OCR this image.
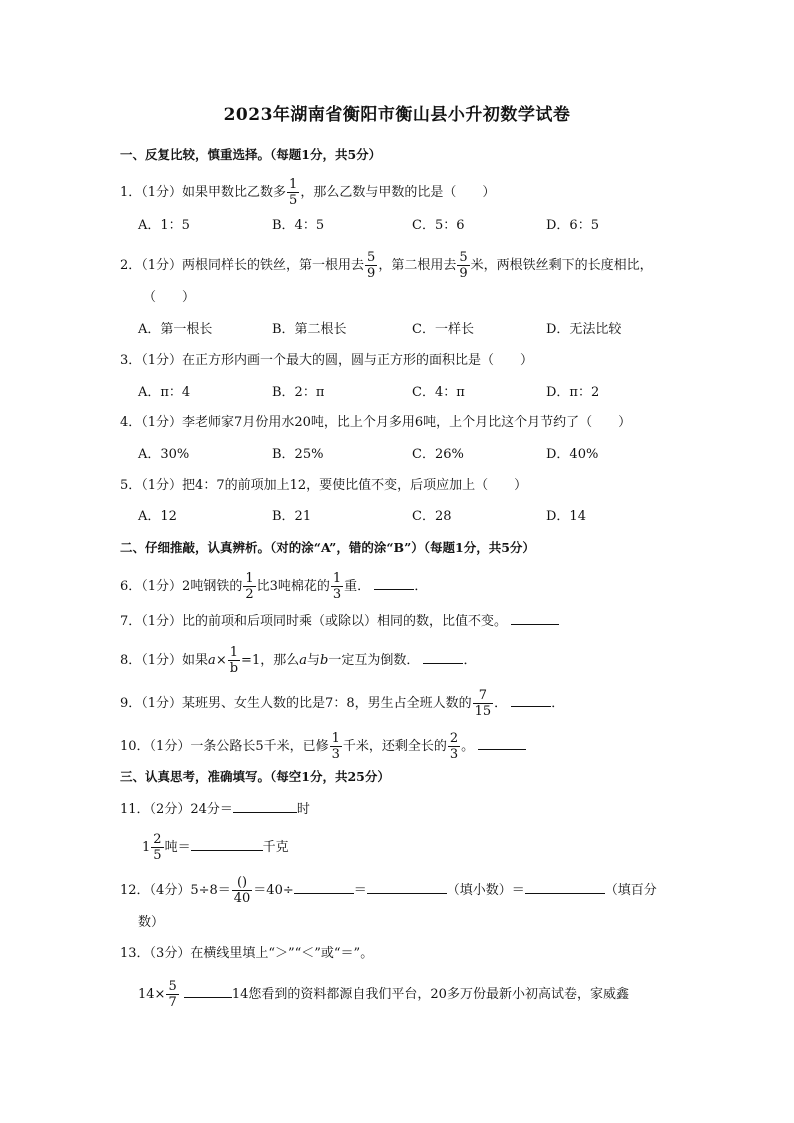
2023年湖南省衡阳市衡山县小升初数学试卷
一、反复比较，慎重选择。（每题1分，共5分）
1．（1分）如果甲数比乙数多 $\frac{1}{5}$ ，那么乙数与甲数的比是（　　）
A．1：5	B．4：5	C．5：6	D．6：5
2．（1分）两根同样长的铁丝，第一根用去 $\frac{5}{9}$ ，第二根用去 $\frac{5}{9}$ 米，两根铁丝剩下的长度相比，
（　　）
A．第一根长	B．第二根长	C．一样长	D．无法比较
3．（1分）在正方形内画一个最大的圆，圆与正方形的面积比是（　　）
A．π：4	B．2：π	C．4：π	D．π：2
4．（1分）李老师家7月份用水20吨，比上个月多用6吨，上个月比这个月节约了（　　）
A．30%	B．25%	C．26%	D．40%
5．（1分）把4：7的前项加上12，要使比值不变，后项应加上（　　）
A．12	B．21	C．28	D．14
二、仔细推敲，认真辨析。（对的涂“A”，错的涂“B”）（每题1分，共5分）
6．（1分）2吨钢铁的 $\frac{1}{2}$ 比3吨棉花的 $\frac{1}{3}$ 重．	．
7．（1分）比的前项和后项同时乘（或除以）相同的数，比值不变。
8．（1分）如果$a\times \frac{1}{b} =1$，那么a与b一定互为倒数．	．
9．（1分）某班男、女生人数的比是7：8，男生占全班人数的 $\frac{7}{15}$ ．	．
10．（1分）一条公路长5千米，已修 $\frac{1}{3}$ 千米，还剩全长的 $\frac{2}{3}$ 。
三、认真思考，准确填写。（每空1分，共25分）
11．（2分）24分＝	时
$1 \frac{2}{5}$ 吨＝	千克
12．（4分）$5\div 8= \frac{()}{40} =40\div$	＝	（填小数）＝	（填百分
数）
13．（3分）在横线里填上“＞”“＜”或“＝”。
$14\times \frac{5}{7}$	14您看到的资料都源自我们平台，20多万份最新小初高试卷，家威鑫
